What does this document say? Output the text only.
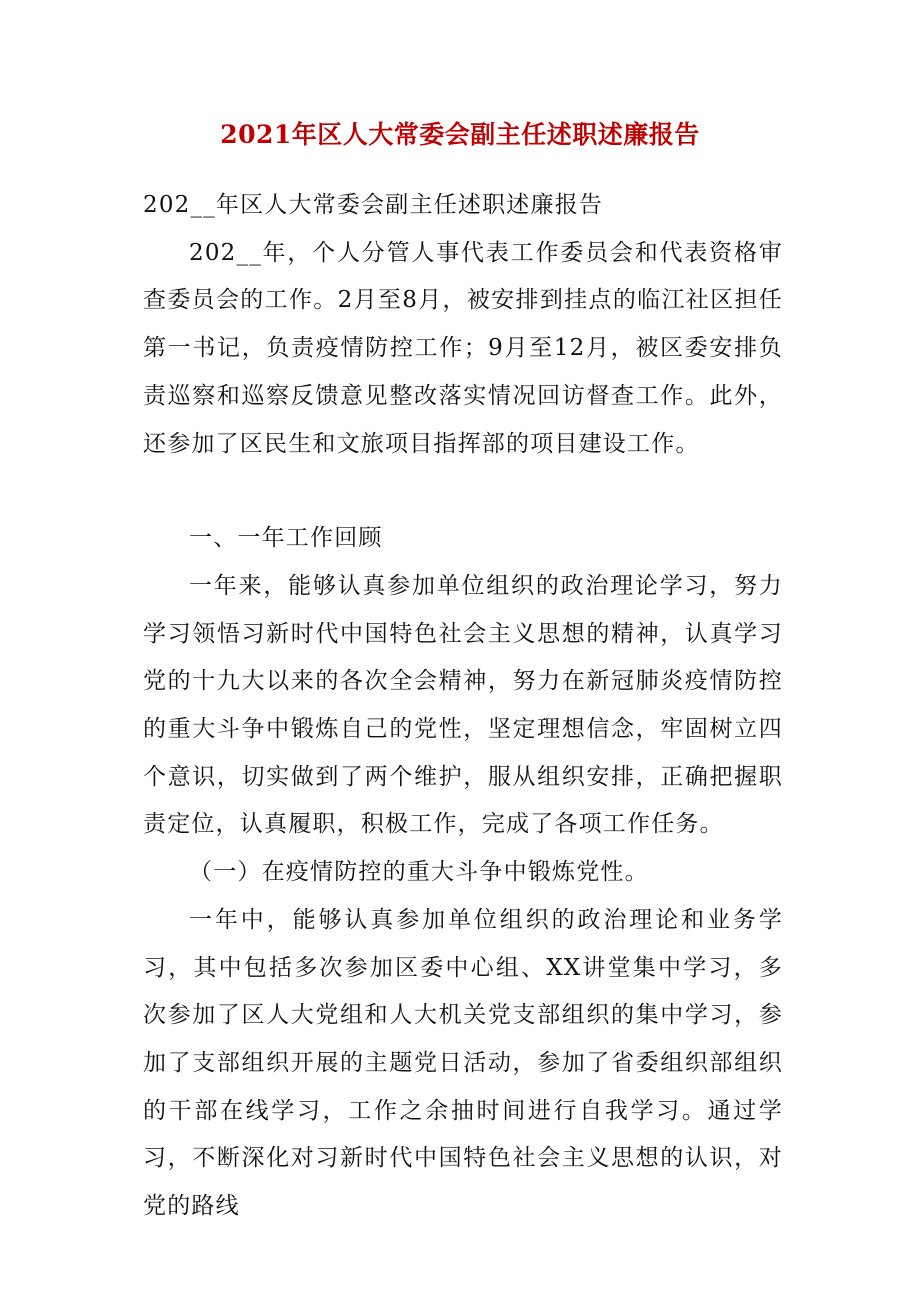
2021年区人大常委会副主任述职述廉报告

202__年区人大常委会副主任述职述廉报告

202__年，个人分管人事代表工作委员会和代表资格审查委员会的工作。2月至8月，被安排到挂点的临江社区担任第一书记，负责疫情防控工作；9月至12月，被区委安排负责巡察和巡察反馈意见整改落实情况回访督查工作。此外，还参加了区民生和文旅项目指挥部的项目建设工作。

一、一年工作回顾

一年来，能够认真参加单位组织的政治理论学习，努力学习领悟习新时代中国特色社会主义思想的精神，认真学习党的十九大以来的各次全会精神，努力在新冠肺炎疫情防控的重大斗争中锻炼自己的党性，坚定理想信念，牢固树立四个意识，切实做到了两个维护，服从组织安排，正确把握职责定位，认真履职，积极工作，完成了各项工作任务。

（一）在疫情防控的重大斗争中锻炼党性。

一年中，能够认真参加单位组织的政治理论和业务学习，其中包括多次参加区委中心组、XX讲堂集中学习，多次参加了区人大党组和人大机关党支部组织的集中学习，参加了支部组织开展的主题党日活动，参加了省委组织部组织的干部在线学习，工作之余抽时间进行自我学习。通过学习，不断深化对习新时代中国特色社会主义思想的认识，对党的路线
